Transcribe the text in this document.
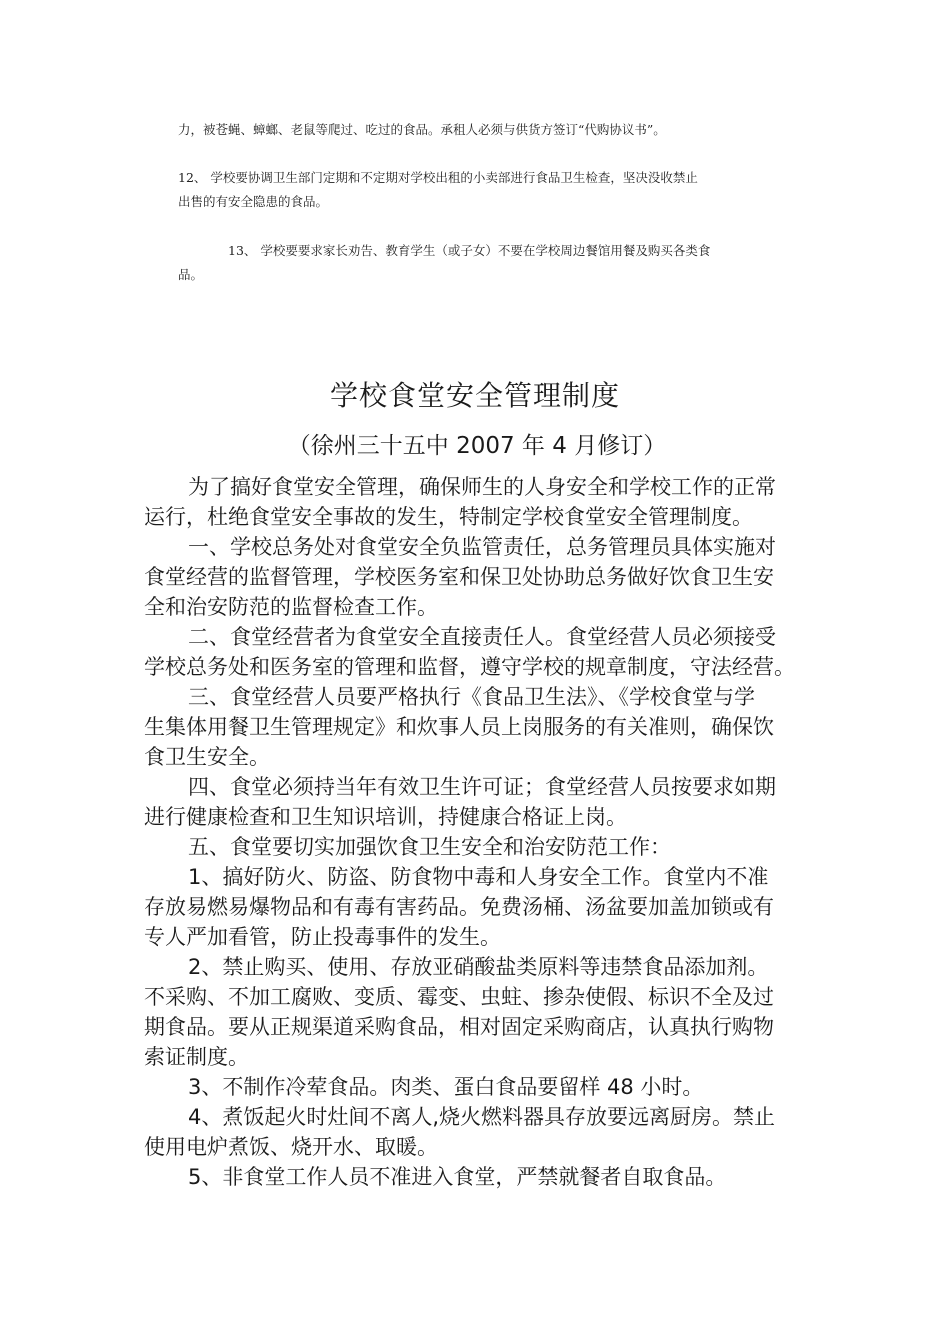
力，被苍蝇、蟑螂、老鼠等爬过、吃过的食品。承租人必须与供货方签订“代购协议书”。

12、 学校要协调卫生部门定期和不定期对学校出租的小卖部进行食品卫生检查，坚决没收禁止

出售的有安全隐患的食品。

13、 学校要要求家长劝告、教育学生（或子女）不要在学校周边餐馆用餐及购买各类食

品。

学校食堂安全管理制度
（徐州三十五中 2007 年 4 月修订）
为了搞好食堂安全管理，确保师生的人身安全和学校工作的正常
运行，杜绝食堂安全事故的发生，特制定学校食堂安全管理制度。
一、学校总务处对食堂安全负监管责任，总务管理员具体实施对
食堂经营的监督管理，学校医务室和保卫处协助总务做好饮食卫生安
全和治安防范的监督检查工作。
二、食堂经营者为食堂安全直接责任人。食堂经营人员必须接受
学校总务处和医务室的管理和监督，遵守学校的规章制度，守法经营。
三、食堂经营人员要严格执行《食品卫生法》、《学校食堂与学
生集体用餐卫生管理规定》和炊事人员上岗服务的有关准则，确保饮
食卫生安全。
四、食堂必须持当年有效卫生许可证；食堂经营人员按要求如期
进行健康检查和卫生知识培训，持健康合格证上岗。
五、食堂要切实加强饮食卫生安全和治安防范工作：
1、搞好防火、防盗、防食物中毒和人身安全工作。食堂内不准
存放易燃易爆物品和有毒有害药品。免费汤桶、汤盆要加盖加锁或有
专人严加看管，防止投毒事件的发生。
2、禁止购买、使用、存放亚硝酸盐类原料等违禁食品添加剂。
不采购、不加工腐败、变质、霉变、虫蛀、掺杂使假、标识不全及过
期食品。要从正规渠道采购食品，相对固定采购商店，认真执行购物
索证制度。
3、不制作冷荤食品。肉类、蛋白食品要留样 48 小时。
4、煮饭起火时灶间不离人,烧火燃料器具存放要远离厨房。禁止
使用电炉煮饭、烧开水、取暖。
5、非食堂工作人员不准进入食堂，严禁就餐者自取食品。
